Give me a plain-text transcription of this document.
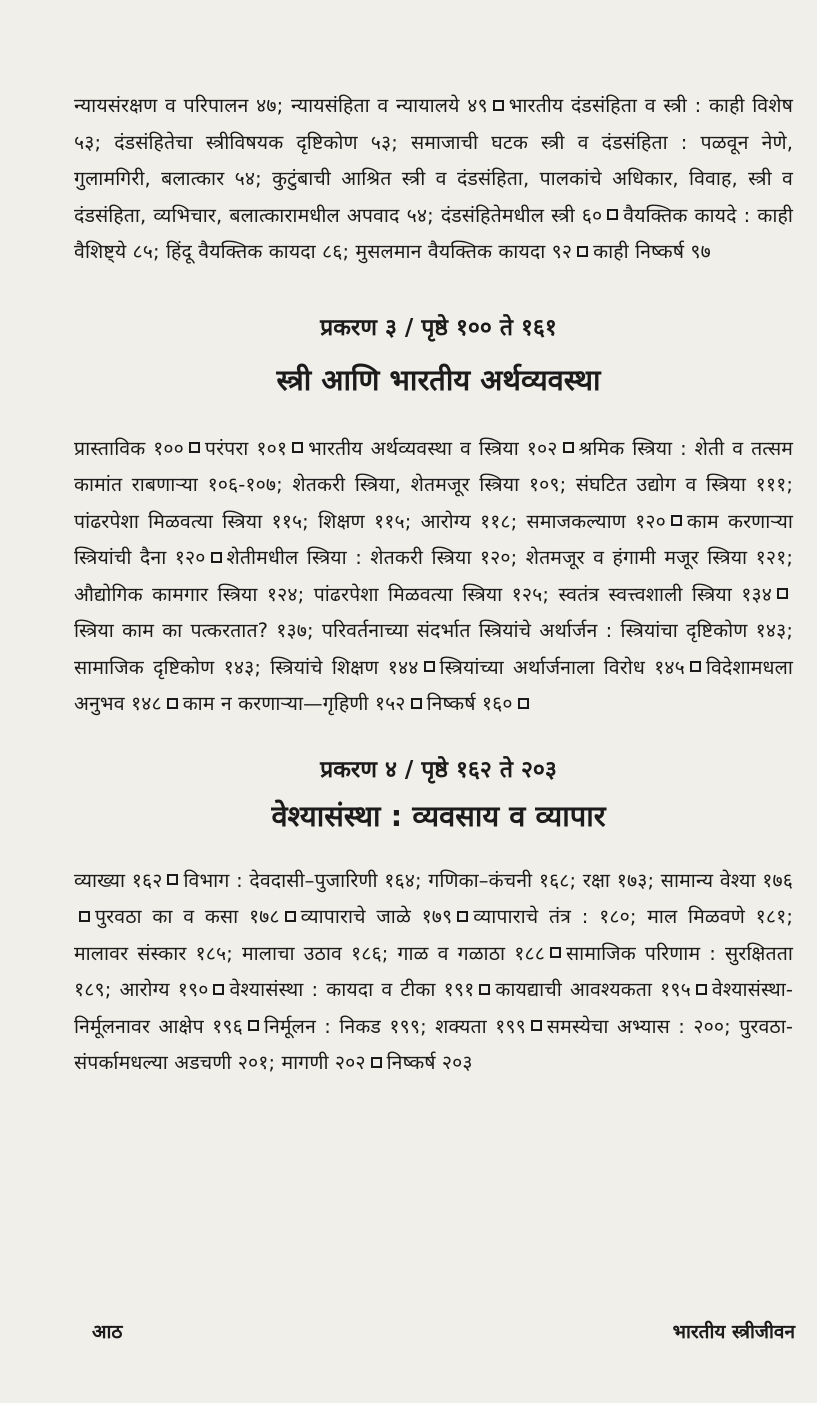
न्यायसंरक्षण व परिपालन ४७; न्यायसंहिता व न्यायालये ४९ भारतीय दंडसंहिता व स्त्री : काही विशेष ५३; दंडसंहितेचा स्त्रीविषयक दृष्टिकोण ५३; समाजाची घटक स्त्री व दंडसंहिता : पळवून नेणे, गुलामगिरी, बलात्कार ५४; कुटुंबाची आश्रित स्त्री व दंडसंहिता, पालकांचे अधिकार, विवाह, स्त्री व दंडसंहिता, व्यभिचार, बलात्कारामधील अपवाद ५४; दंडसंहितेमधील स्त्री ६० वैयक्तिक कायदे : काही वैशिष्ट्ये ८५; हिंदू वैयक्तिक कायदा ८६; मुसलमान वैयक्तिक कायदा ९२ काही निष्कर्ष ९७

प्रकरण ३ / पृष्ठे १०० ते १६१
स्त्री आणि भारतीय अर्थव्यवस्था

प्रास्ताविक १०० परंपरा १०१ भारतीय अर्थव्यवस्था व स्त्रिया १०२ श्रमिक स्त्रिया : शेती व तत्सम कामांत राबणाऱ्या १०६-१०७; शेतकरी स्त्रिया, शेतमजूर स्त्रिया १०९; संघटित उद्योग व स्त्रिया १११; पांढरपेशा मिळवत्या स्त्रिया ११५; शिक्षण ११५; आरोग्य ११८; समाजकल्याण १२० काम करणाऱ्या स्त्रियांची दैना १२० शेतीमधील स्त्रिया : शेतकरी स्त्रिया १२०; शेतमजूर व हंगामी मजूर स्त्रिया १२१; औद्योगिक कामगार स्त्रिया १२४; पांढरपेशा मिळवत्या स्त्रिया १२५; स्वतंत्र स्वत्त्वशाली स्त्रिया १३४स्त्रिया काम का पत्करतात? १३७; परिवर्तनाच्या संदर्भात स्त्रियांचे अर्थार्जन : स्त्रियांचा दृष्टिकोण १४३; सामाजिक दृष्टिकोण १४३; स्त्रियांचे शिक्षण १४४ स्त्रियांच्या अर्थार्जनाला विरोध १४५ विदेशामधला अनुभव १४८ काम न करणाऱ्या—गृहिणी १५२ निष्कर्ष १६०

प्रकरण ४ / पृष्ठे १६२ ते २०३
वेश्यासंस्था : व्यवसाय व व्यापार

व्याख्या १६२ विभाग : देवदासी–पुजारिणी १६४; गणिका–कंचनी १६८; रक्षा १७३; सामान्य वेश्या १७६पुरवठा का व कसा १७८ व्यापाराचे जाळे १७९ व्यापाराचे तंत्र : १८०; माल मिळवणे १८१; मालावर संस्कार १८५; मालाचा उठाव १८६; गाळ व गळाठा १८८ सामाजिक परिणाम : सुरक्षितता १८९; आरोग्य १९० वेश्यासंस्था : कायदा व टीका १९१ कायद्याची आवश्यकता १९५ वेश्यासंस्था-निर्मूलनावर आक्षेप १९६ निर्मूलन : निकड १९९; शक्यता १९९ समस्येचा अभ्यास : २००; पुरवठा-संपर्कामधल्या अडचणी २०१; मागणी २०२ निष्कर्ष २०३

आठ	भारतीय स्त्रीजीवन
